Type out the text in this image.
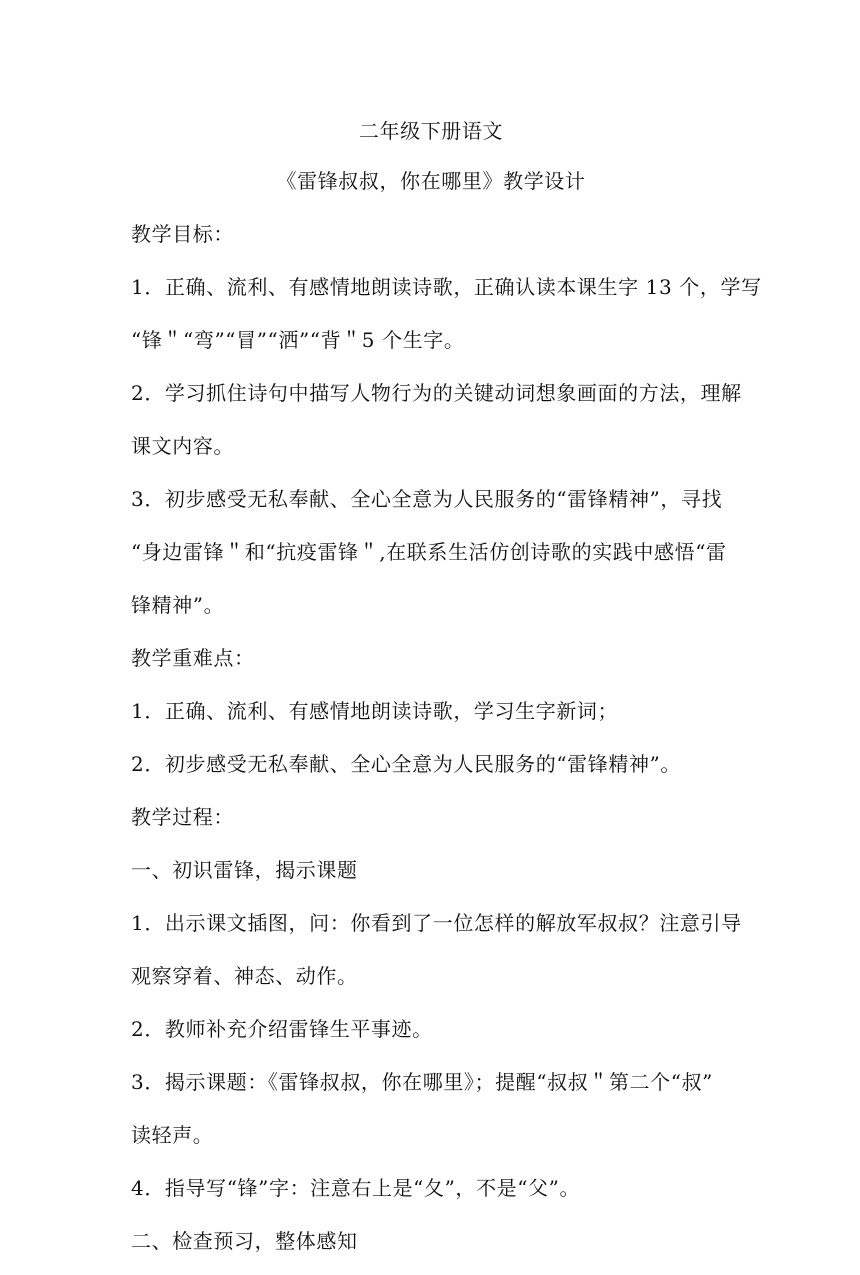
二年级下册语文
《雷锋叔叔，你在哪里》教学设计
教学目标：
1．正确、流利、有感情地朗读诗歌，正确认读本课生字 13 个，学写
“锋＂“弯”“冒”“洒”“背＂5 个生字。
2．学习抓住诗句中描写人物行为的关键动词想象画面的方法，理解
课文内容。
3．初步感受无私奉献、全心全意为人民服务的“雷锋精神”，寻找
“身边雷锋＂和“抗疫雷锋＂,在联系生活仿创诗歌的实践中感悟“雷
锋精神”。
教学重难点：
1．正确、流利、有感情地朗读诗歌，学习生字新词；
2．初步感受无私奉献、全心全意为人民服务的“雷锋精神”。
教学过程：
一、初识雷锋，揭示课题
1．出示课文插图，问：你看到了一位怎样的解放军叔叔？注意引导
观察穿着、神态、动作。
2．教师补充介绍雷锋生平事迹。
3．揭示课题：《雷锋叔叔，你在哪里》；提醒“叔叔＂第二个“叔”
读轻声。
4．指导写“锋”字：注意右上是“夂”，不是“父”。
二、检查预习，整体感知
